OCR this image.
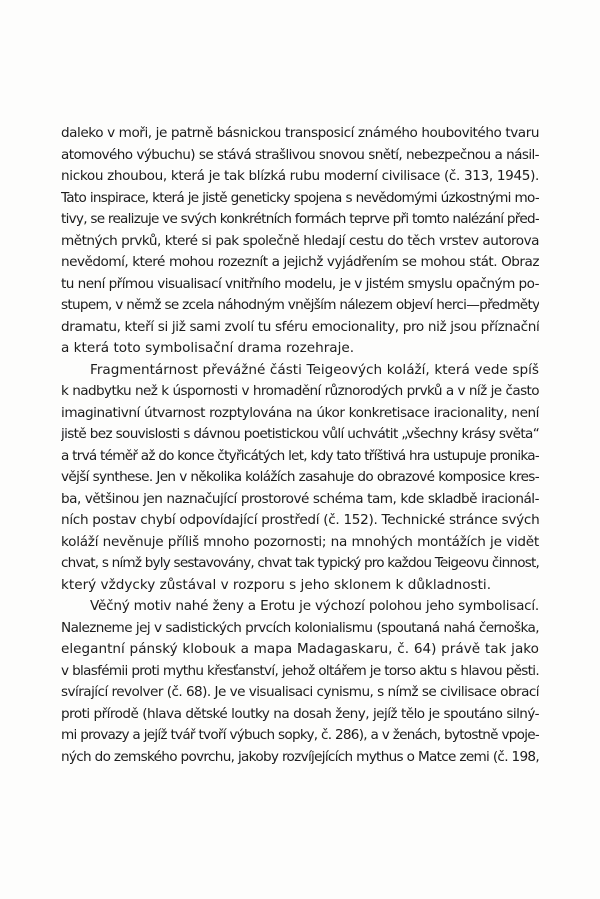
daleko v moři, je patrně básnickou transposicí známého houbovitého tvaru
atomového výbuchu) se stává strašlivou snovou snětí, nebezpečnou a násil-
nickou zhoubou, která je tak blízká rubu moderní civilisace (č. 313, 1945).
Tato inspirace, která je jistě geneticky spojena s nevědomými úzkostnými mo-
tivy, se realizuje ve svých konkrétních formách teprve při tomto nalézání před-
mětných prvků, které si pak společně hledají cestu do těch vrstev autorova
nevědomí, které mohou rozeznít a jejichž vyjádřením se mohou stát. Obraz
tu není přímou visualisací vnitřního modelu, je v jistém smyslu opačným po-
stupem, v němž se zcela náhodným vnějším nálezem objeví herci—předměty
dramatu, kteří si již sami zvolí tu sféru emocionality, pro niž jsou příznační
a která toto symbolisační drama rozehraje.
Fragmentárnost převážné části Teigeových koláží, která vede spíš
k nadbytku než k úspornosti v hromadění různorodých prvků a v níž je často
imaginativní útvarnost rozptylována na úkor konkretisace iracionality, není
jistě bez souvislosti s dávnou poetistickou vůlí uchvátit „všechny krásy světa“
a trvá téměř až do konce čtyřicátých let, kdy tato tříštivá hra ustupuje pronika-
vější synthese. Jen v několika kolážích zasahuje do obrazové komposice kres-
ba, většinou jen naznačující prostorové schéma tam, kde skladbě iracionál-
ních postav chybí odpovídající prostředí (č. 152). Technické stránce svých
koláží nevěnuje příliš mnoho pozornosti; na mnohých montážích je vidět
chvat, s nímž byly sestavovány, chvat tak typický pro každou Teigeovu činnost,
který vždycky zůstával v rozporu s jeho sklonem k důkladnosti.
Věčný motiv nahé ženy a Erotu je výchozí polohou jeho symbolisací.
Nalezneme jej v sadistických prvcích kolonialismu (spoutaná nahá černoška,
elegantní pánský klobouk a mapa Madagaskaru, č. 64) právě tak jako
v blasfémii proti mythu křesťanství, jehož oltářem je torso aktu s hlavou pěsti.
svírající revolver (č. 68). Je ve visualisaci cynismu, s nímž se civilisace obrací
proti přírodě (hlava dětské loutky na dosah ženy, jejíž tělo je spoutáno silný-
mi provazy a jejíž tvář tvoří výbuch sopky, č. 286), a v ženách, bytostně vpoje-
ných do zemského povrchu, jakoby rozvíjejících mythus o Matce zemi (č. 198,
